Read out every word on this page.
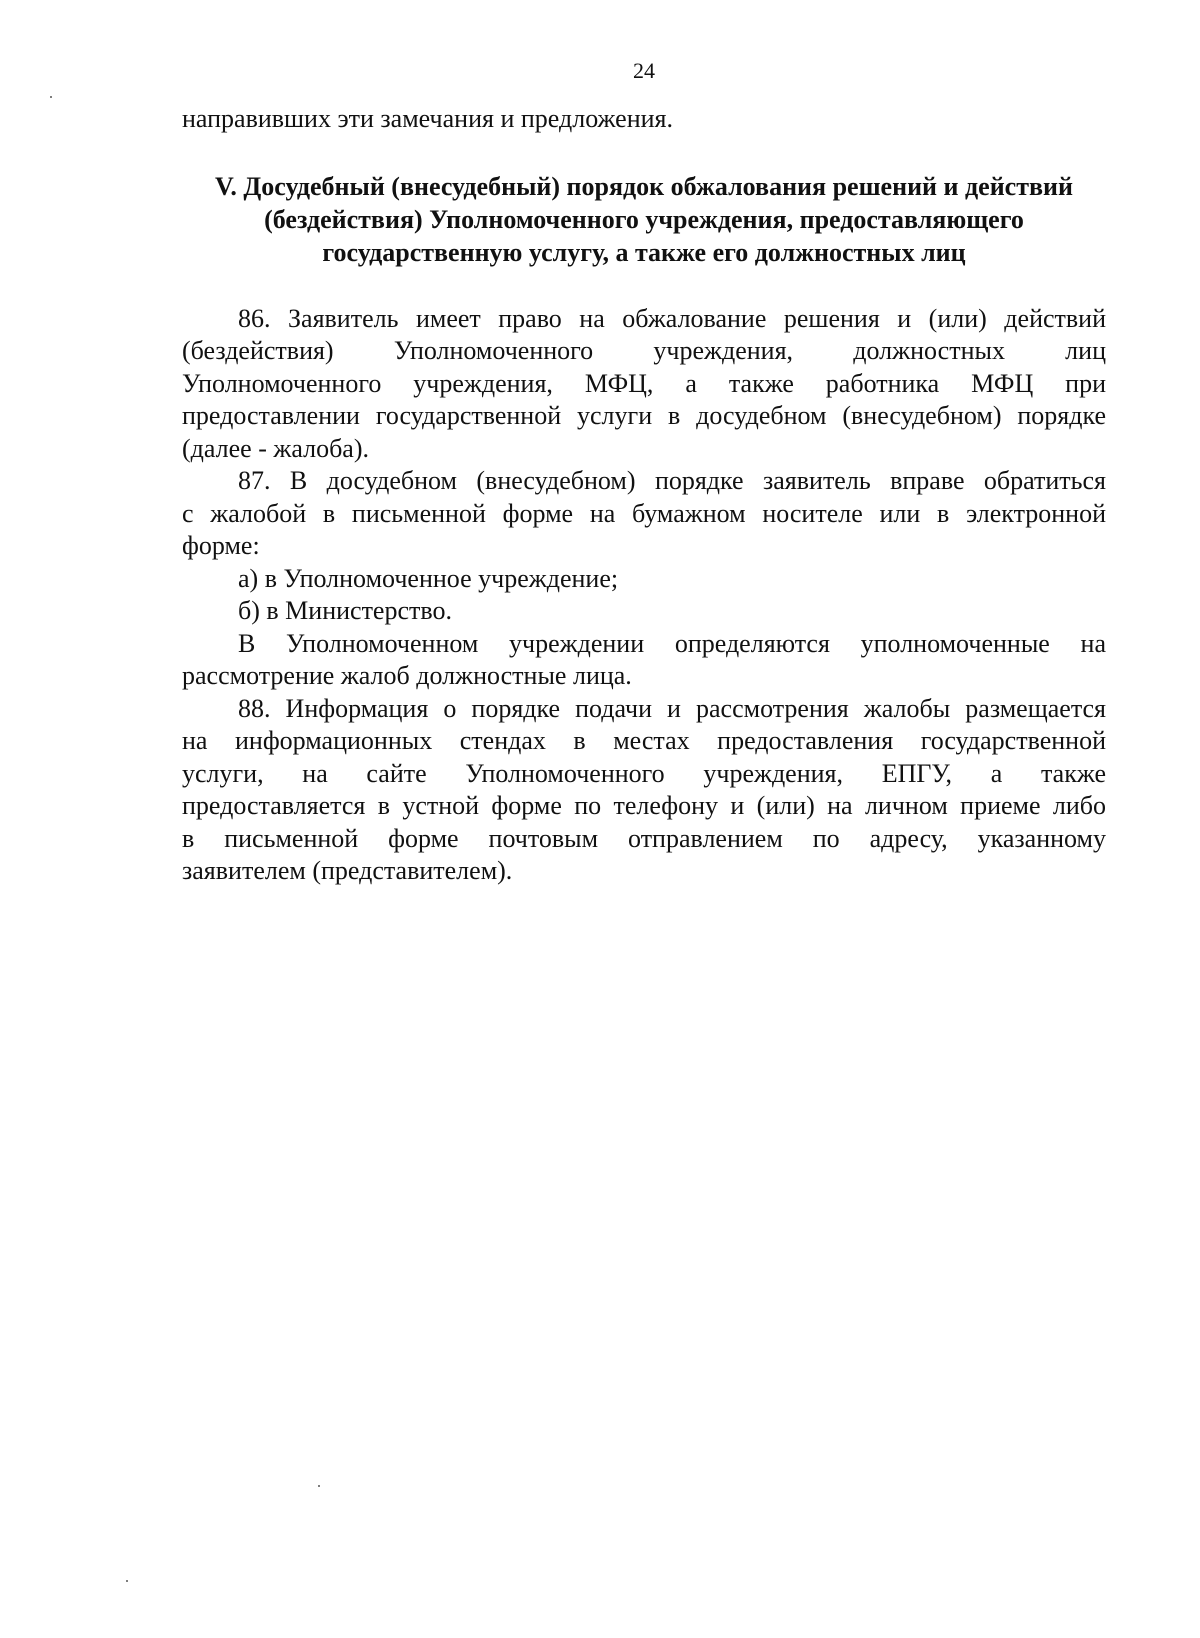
24

направивших эти замечания и предложения.

V. Досудебный (внесудебный) порядок обжалования решений и действий
(бездействия) Уполномоченного учреждения, предоставляющего
государственную услугу, а также его должностных лиц

86. Заявитель имеет право на обжалование решения и (или) действий

(бездействия) Уполномоченного учреждения, должностных лиц

Уполномоченного учреждения, МФЦ, а также работника МФЦ при

предоставлении государственной услуги в досудебном (внесудебном) порядке

(далее - жалоба).

87. В досудебном (внесудебном) порядке заявитель вправе обратиться

с жалобой в письменной форме на бумажном носителе или в электронной

форме:

а) в Уполномоченное учреждение;

б) в Министерство.

В Уполномоченном учреждении определяются уполномоченные на

рассмотрение жалоб должностные лица.

88. Информация о порядке подачи и рассмотрения жалобы размещается

на информационных стендах в местах предоставления государственной

услуги, на сайте Уполномоченного учреждения, ЕПГУ, а также

предоставляется в устной форме по телефону и (или) на личном приеме либо

в письменной форме почтовым отправлением по адресу, указанному

заявителем (представителем).
